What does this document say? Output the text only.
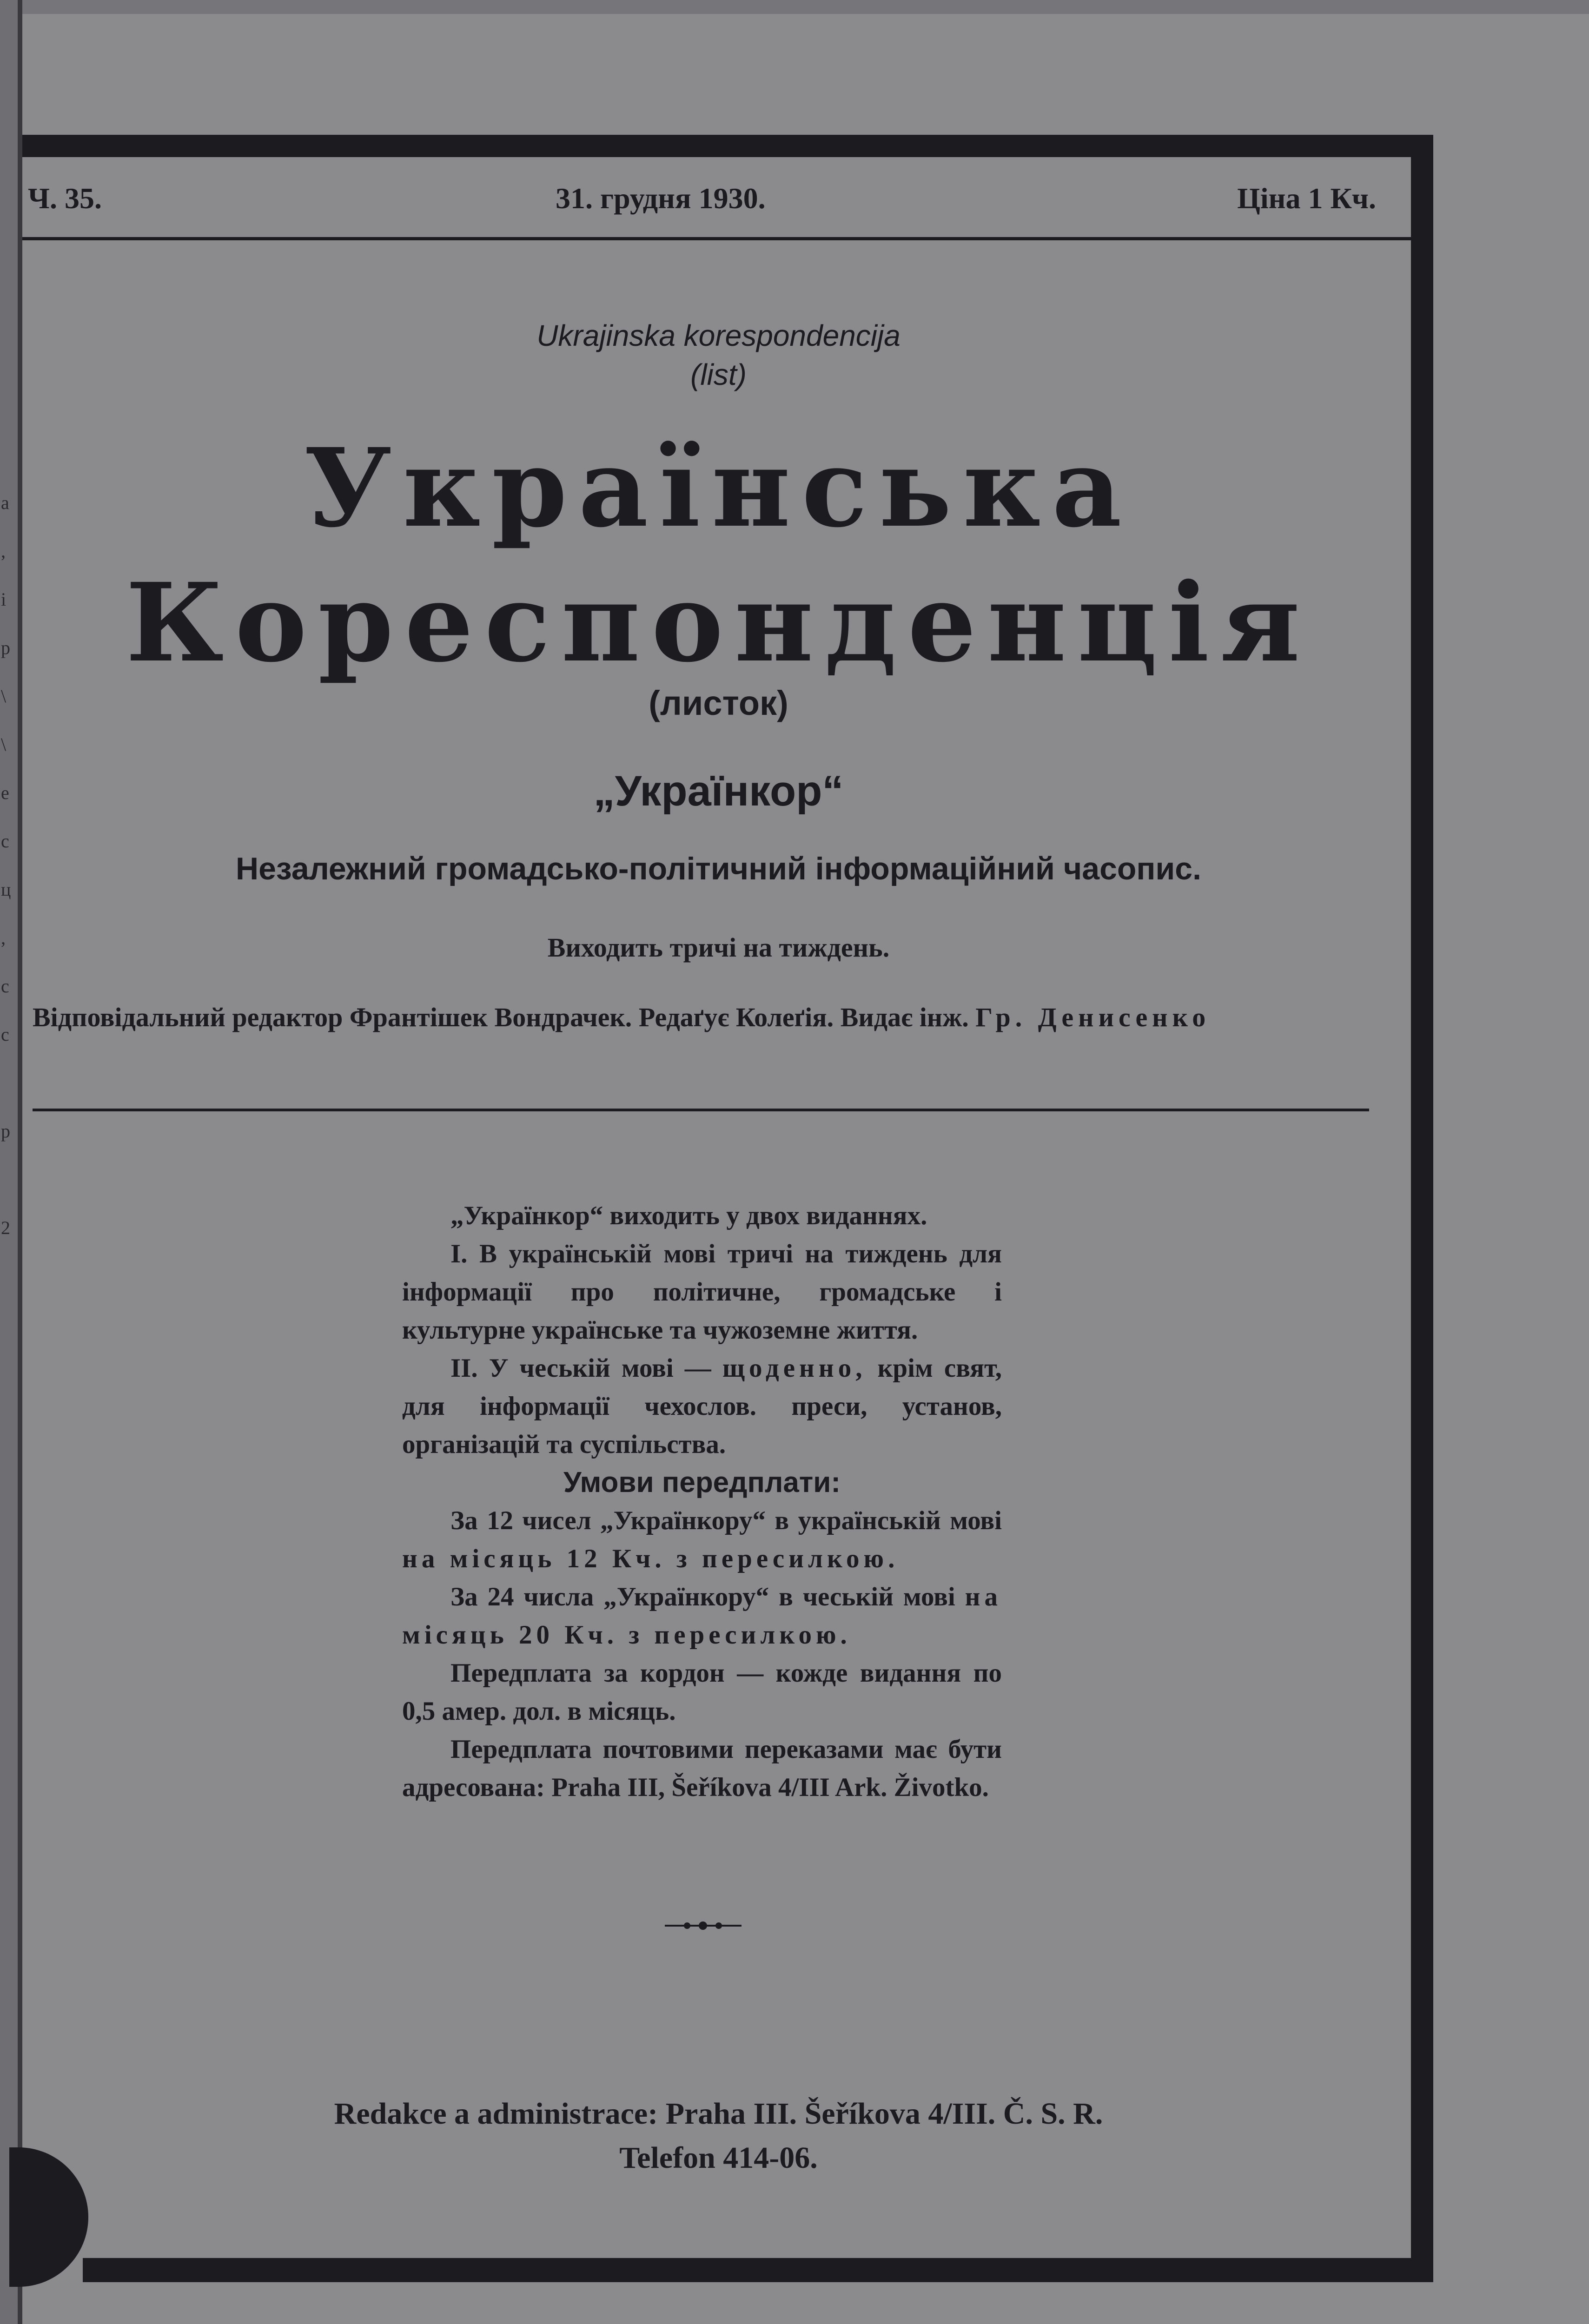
а
,
і
р
\
\
е
с
ц
,
с
с

р

2
Ч. 35.	31. грудня 1930.	Ціна 1 Кч.
Ukrajinska korespondencija
(list)
Українська
Кореспонденція
(листок)
„Українкор“
Незалежний громадсько-політичний інформаційний часопис.
Виходить тричі на тиждень.
Відповідальний редактор Франтішек Вондрачек. Редаґує Колеґія. Видає інж. Гр. Денисенко

„Українкор“ виходить у двох виданнях.

I. В українській мові тричі на тиждень для інформації про політичне, громадське і культурне українське та чужоземне життя.

II. У чеській мові — щоденно, крім свят, для інформації чехослов. преси, установ, організацій та суспільства.

Умови передплати:

За 12 чисел „Українкору“ в українській мові на місяць 12 Кч. з пересилкою.

За 24 числа „Українкору“ в чеській мові на місяць 20 Кч. з пересилкою.

Передплата за кордон — кожде видання по 0,5 амер. дол. в місяць.

Передплата почтовими переказами має бути адресована: Praha III, Šeříkova 4/III Ark. Životko.

Redakce a administrace: Praha III. Šeříkova 4/III. Č. S. R.
Telefon 414-06.
